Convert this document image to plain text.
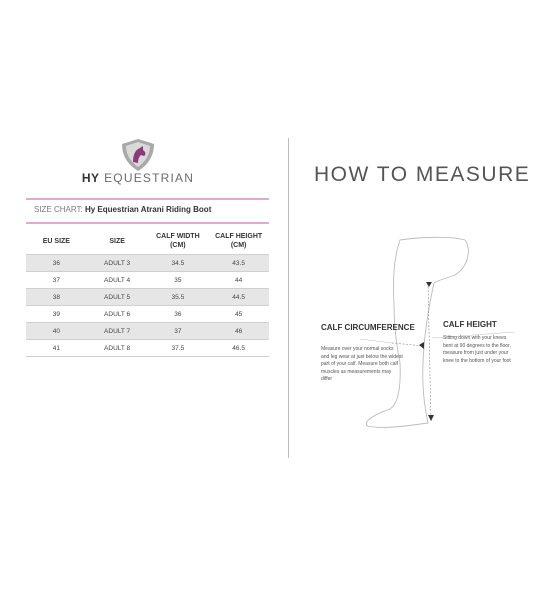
HY EQUESTRIAN
SIZE CHART: Hy Equestrian Atrani Riding Boot
EU SIZE	SIZE	CALF WIDTH (CM)	CALF HEIGHT (CM)
36	ADULT 3	34.5	43.5
37	ADULT 4	35	44
38	ADULT 5	35.5	44.5
39	ADULT 6	36	45
40	ADULT 7	37	46
41	ADULT 8	37.5	46.5
HOW TO MEASURE
CALF CIRCUMFERENCE
Measure over your normal socks and leg wear at just below the widest part of your calf. Measure both calf muscles as measurements may differ
CALF HEIGHT
Sitting down with your knees bent at 90 degrees to the floor, measure from just under your knee to the bottom of your foot
